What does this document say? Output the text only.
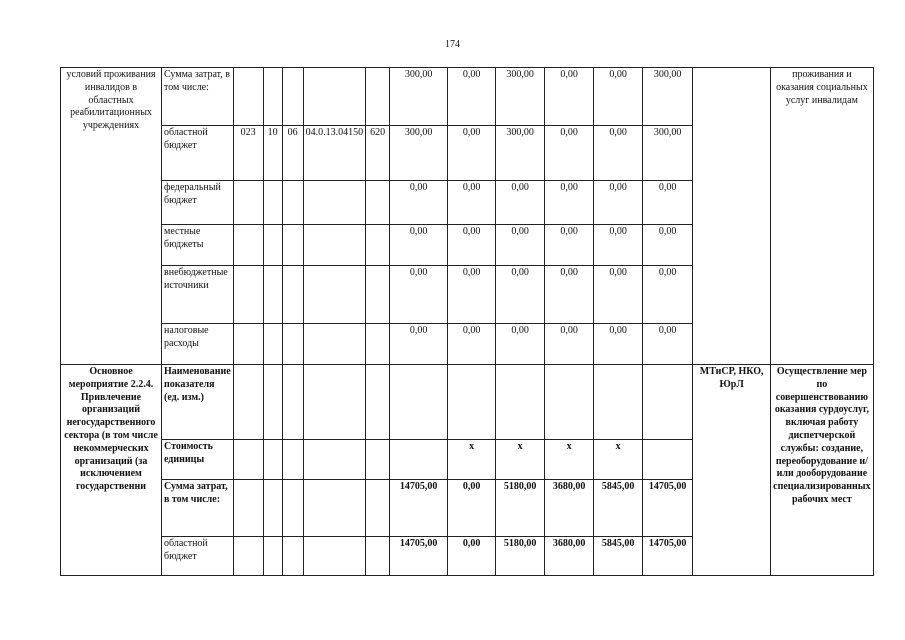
174
условий проживания инвалидов в областных реабилитационных учреждениях	Сумма затрат, в том числе:						300,00	0,00	300,00	0,00	0,00	300,00		проживания и оказания социальных услуг инвалидам
	областной бюджет	023	10	06	04.0.13.04150	620	300,00	0,00	300,00	0,00	0,00	300,00		
	федеральный бюджет						0,00	0,00	0,00	0,00	0,00	0,00		
	местные бюджеты						0,00	0,00	0,00	0,00	0,00	0,00		
	внебюджетные источники						0,00	0,00	0,00	0,00	0,00	0,00		
	налоговые расходы						0,00	0,00	0,00	0,00	0,00	0,00		
Основное мероприятие 2.2.4. Привлечение организаций негосударственного сектора (в том числе некоммерческих организаций (за исключением государственни	Наименование показателя (ед. изм.)												МТиСР, НКО, ЮрЛ	Осуществление мер по совершенствованию оказания сурдоуслуг, включая работу диспетчерской службы: создание, переоборудование и/или дооборудование специализированных рабочих мест
	Стоимость единицы							х	х	х	х			
	Сумма затрат, в том числе:						14705,00	0,00	5180,00	3680,00	5845,00	14705,00		
	областной бюджет						14705,00	0,00	5180,00	3680,00	5845,00	14705,00		
